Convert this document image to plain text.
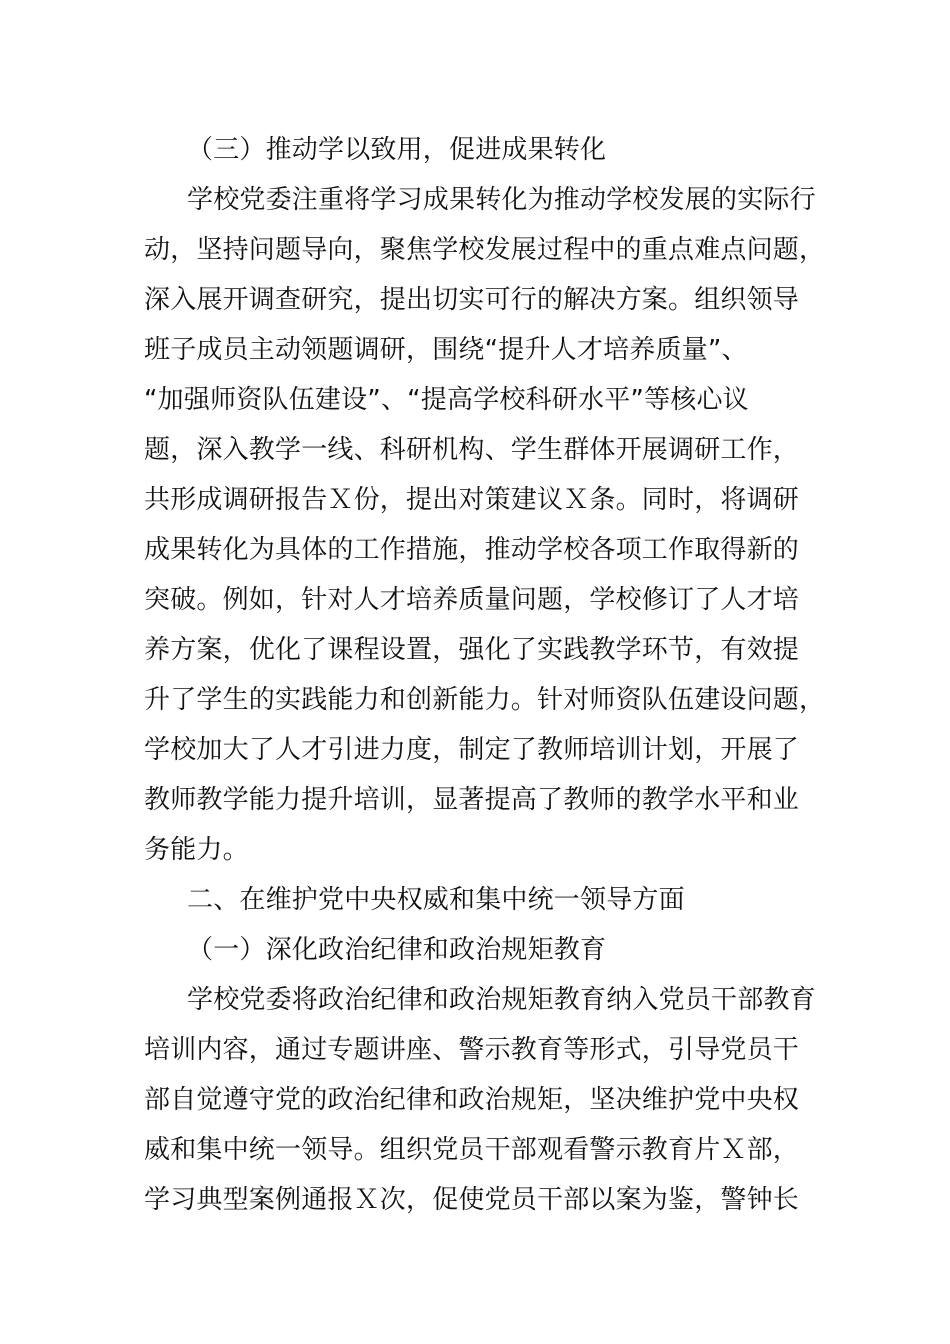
（三）推动学以致用，促进成果转化

学校党委注重将学习成果转化为推动学校发展的实际行

动，坚持问题导向，聚焦学校发展过程中的重点难点问题，

深入展开调查研究，提出切实可行的解决方案。组织领导

班子成员主动领题调研，围绕“提升人才培养质量”、

“加强师资队伍建设”、“提高学校科研水平”等核心议

题，深入教学一线、科研机构、学生群体开展调研工作，

共形成调研报告Ｘ份，提出对策建议Ｘ条。同时，将调研

成果转化为具体的工作措施，推动学校各项工作取得新的

突破。例如，针对人才培养质量问题，学校修订了人才培

养方案，优化了课程设置，强化了实践教学环节，有效提

升了学生的实践能力和创新能力。针对师资队伍建设问题，

学校加大了人才引进力度，制定了教师培训计划，开展了

教师教学能力提升培训，显著提高了教师的教学水平和业

务能力。

二、在维护党中央权威和集中统一领导方面

（一）深化政治纪律和政治规矩教育

学校党委将政治纪律和政治规矩教育纳入党员干部教育

培训内容，通过专题讲座、警示教育等形式，引导党员干

部自觉遵守党的政治纪律和政治规矩，坚决维护党中央权

威和集中统一领导。组织党员干部观看警示教育片Ｘ部，

学习典型案例通报Ｘ次，促使党员干部以案为鉴，警钟长
